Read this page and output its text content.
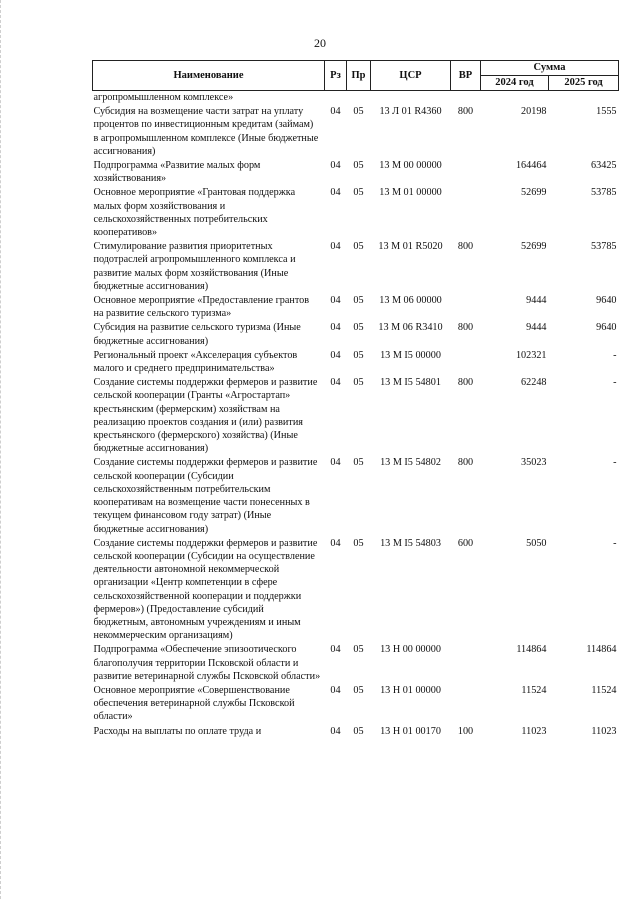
20
Наименование	Рз	Пр	ЦСР	ВР	Сумма	
					2024 год	2025 год
агропромышленном комплексе»						
Субсидия на возмещение части затрат на уплату процентов по инвестиционным кредитам (займам) в агропромышленном комплексе (Иные бюджетные ассигнования)	04	05	13 Л 01 R4360	800	20198	1555
Подпрограмма «Развитие малых форм хозяйствования»	04	05	13 М 00 00000		164464	63425
Основное мероприятие «Грантовая поддержка малых форм хозяйствования и сельскохозяйственных потребительских кооперативов»	04	05	13 М 01 00000		52699	53785
Стимулирование развития приоритетных подотраслей агропромышленного комплекса и развитие малых форм хозяйствования (Иные бюджетные ассигнования)	04	05	13 М 01 R5020	800	52699	53785
Основное мероприятие «Предоставление грантов на развитие сельского туризма»	04	05	13 М 06 00000		9444	9640
Субсидия на развитие сельского туризма (Иные бюджетные ассигнования)	04	05	13 М 06 R3410	800	9444	9640
Региональный проект «Акселерация субъектов малого и среднего предпринимательства»	04	05	13 М I5 00000		102321	-
Создание системы поддержки фермеров и развитие сельской кооперации (Гранты «Агростартап» крестьянским (фермерским) хозяйствам на реализацию проектов создания и (или) развития крестьянского (фермерского) хозяйства) (Иные бюджетные ассигнования)	04	05	13 М I5 54801	800	62248	-
Создание системы поддержки фермеров и развитие сельской кооперации (Субсидии сельскохозяйственным потребительским кооперативам на возмещение части понесенных в текущем финансовом году затрат) (Иные бюджетные ассигнования)	04	05	13 М I5 54802	800	35023	-
Создание системы поддержки фермеров и развитие сельской кооперации (Субсидии на осуществление деятельности автономной некоммерческой организации «Центр компетенции в сфере сельскохозяйственной кооперации и поддержки фермеров») (Предоставление субсидий бюджетным, автономным учреждениям и иным некоммерческим организациям)	04	05	13 М I5 54803	600	5050	-
Подпрограмма «Обеспечение эпизоотического благополучия территории Псковской области и развитие ветеринарной службы Псковской области»	04	05	13 Н 00 00000		114864	114864
Основное мероприятие «Совершенствование обеспечения ветеринарной службы Псковской области»	04	05	13 Н 01 00000		11524	11524
Расходы на выплаты по оплате труда и	04	05	13 Н 01 00170	100	11023	11023
